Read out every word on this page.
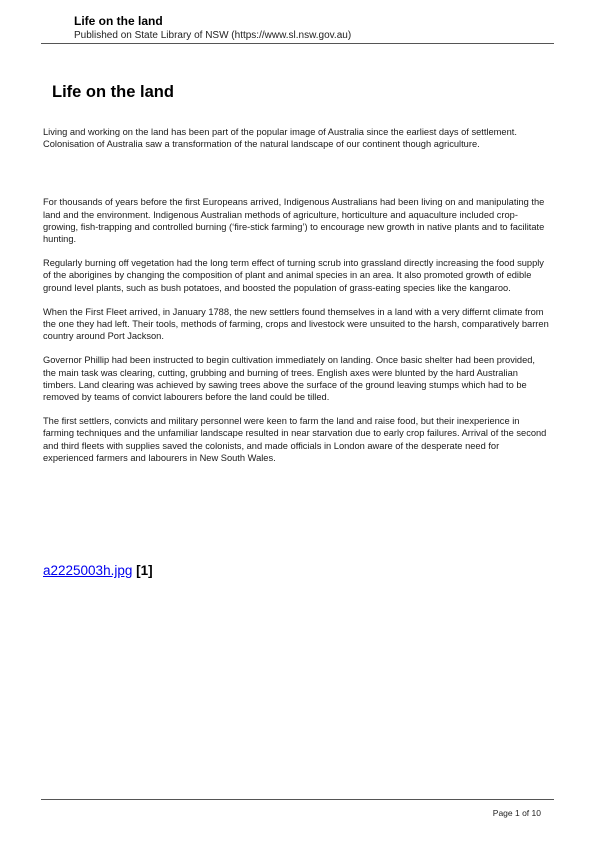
Life on the land

Published on State Library of NSW (https://www.sl.nsw.gov.au)

Life on the land

Living and working on the land has been part of the popular image of Australia since the earliest days of settlement. Colonisation of Australia saw a transformation of the natural landscape of our continent though agriculture.

For thousands of years before the first Europeans arrived, Indigenous Australians had been living on and manipulating the land and the environment. Indigenous Australian methods of agriculture, horticulture and aquaculture included crop-growing, fish-trapping and controlled burning (‘fire-stick farming’) to encourage new growth in native plants and to facilitate hunting.

Regularly burning off vegetation had the long term effect of turning scrub into grassland directly increasing the food supply of the aborigines by changing the composition of plant and animal species in an area. It also promoted growth of edible ground level plants, such as bush potatoes, and boosted the population of grass-eating species like the kangaroo.

When the First Fleet arrived, in January 1788, the new settlers found themselves in a land with a very differnt climate from the one they had left. Their tools, methods of farming, crops and livestock were unsuited to the harsh, comparatively barren country around Port Jackson.

Governor Phillip had been instructed to begin cultivation immediately on landing. Once basic shelter had been provided, the main task was clearing, cutting, grubbing and burning of trees. English axes were blunted by the hard Australian timbers. Land clearing was achieved by sawing trees above the surface of the ground leaving stumps which had to be removed by teams of convict labourers before the land could be tilled.

The first settlers, convicts and military personnel were keen to farm the land and raise food, but their inexperience in farming techniques and the unfamiliar landscape resulted in near starvation due to early crop failures. Arrival of the second and third fleets with supplies saved the colonists, and made officials in London aware of the desperate need for experienced farmers and labourers in New South Wales.

a2225003h.jpg [1]
Page 1 of 10
